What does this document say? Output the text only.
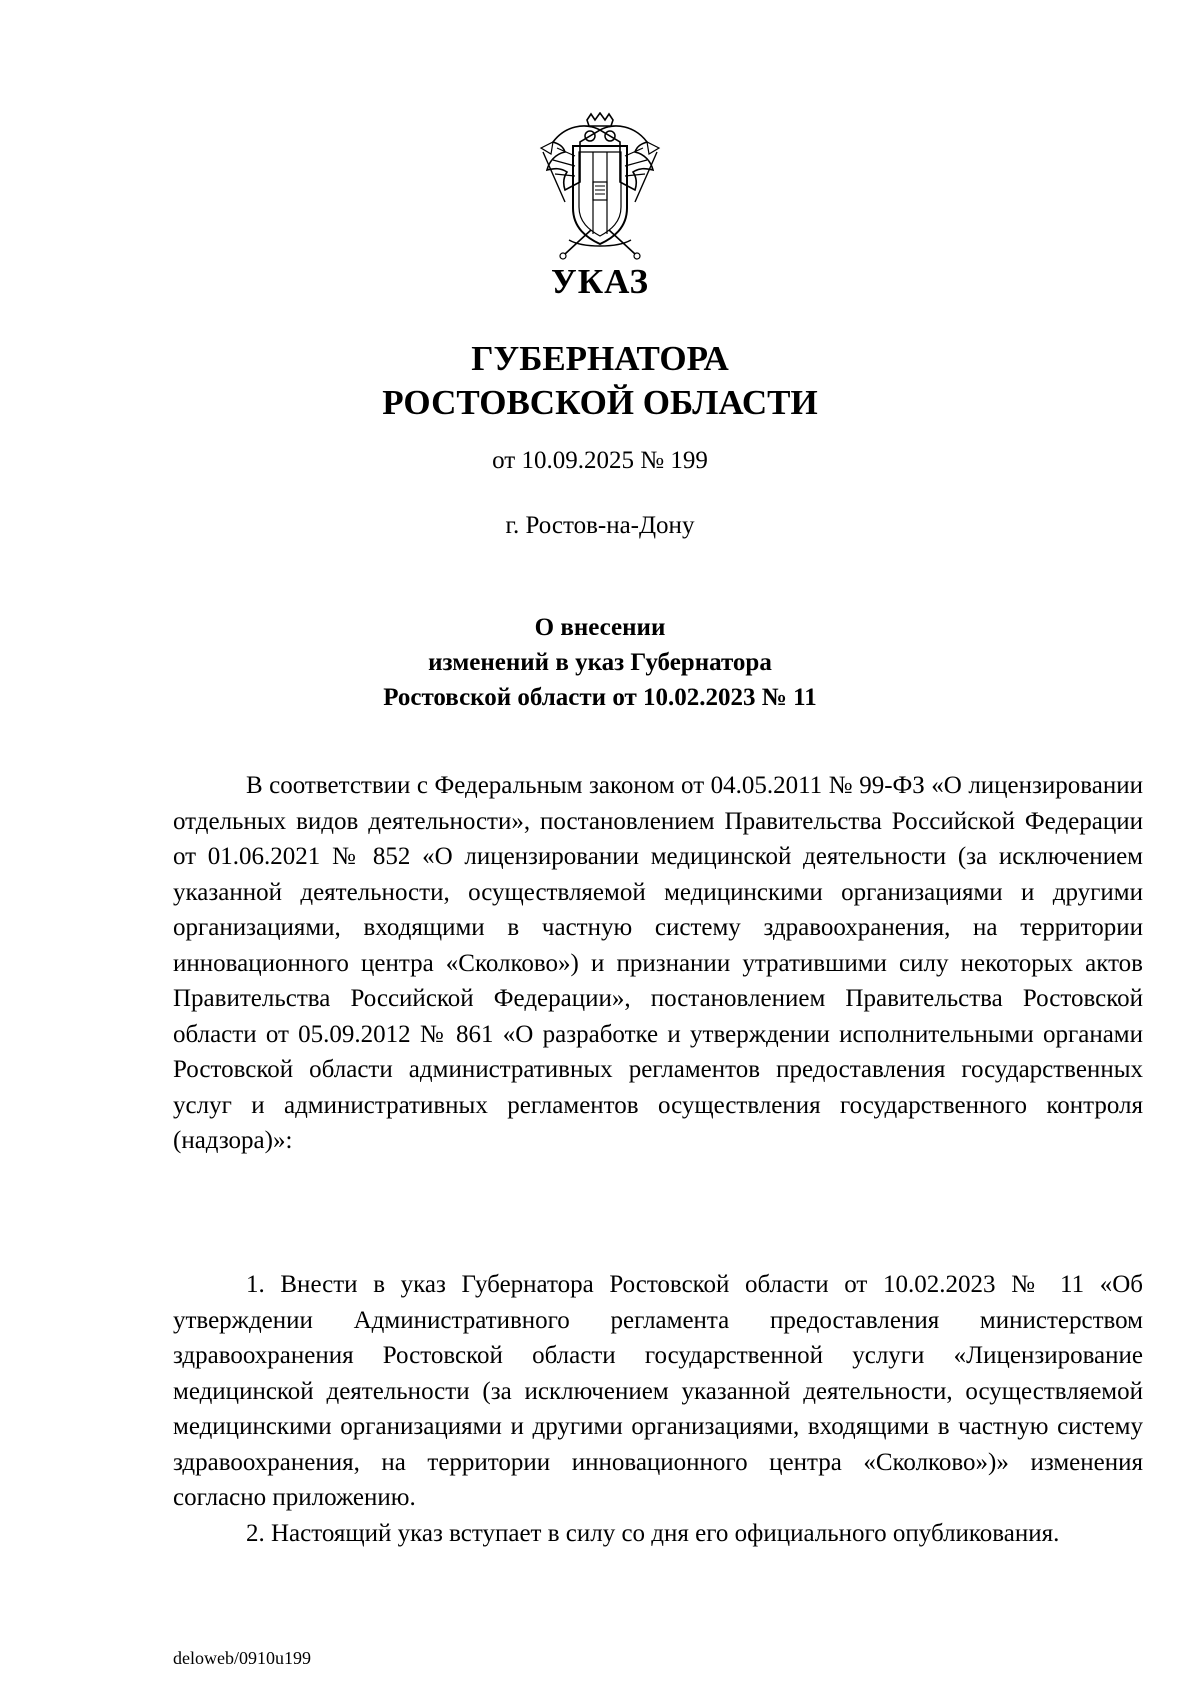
УКАЗ
ГУБЕРНАТОРА
РОСТОВСКОЙ ОБЛАСТИ
от 10.09.2025 № 199
г. Ростов-на-Дону
О внесении
изменений в указ Губернатора
Ростовской области от 10.02.2023 № 11

В соответствии с Федеральным законом от 04.05.2011 № 99-ФЗ «О лицензировании отдельных видов деятельности», постановлением Правительства Российской Федерации от 01.06.2021 № 852 «О лицензировании медицинской деятельности (за исключением указанной деятельности, осуществляемой медицинскими организациями и другими организациями, входящими в частную систему здравоохранения, на территории инновационного центра «Сколково») и признании утратившими силу некоторых актов Правительства Российской Федерации», постановлением Правительства Ростовской области от 05.09.2012 № 861 «О разработке и утверждении исполнительными органами Ростовской области административных регламентов предоставления государственных услуг и административных регламентов осуществления государственного контроля (надзора)»:

1. Внести в указ Губернатора Ростовской области от 10.02.2023 № 11 «Об утверждении Административного регламента предоставления министерством здравоохранения Ростовской области государственной услуги «Лицензирование медицинской деятельности (за исключением указанной деятельности, осуществляемой медицинскими организациями и другими организациями, входящими в частную систему здравоохранения, на территории инновационного центра «Сколково»)» изменения согласно приложению.

2. Настоящий указ вступает в силу со дня его официального опубликования.

deloweb/0910u199
